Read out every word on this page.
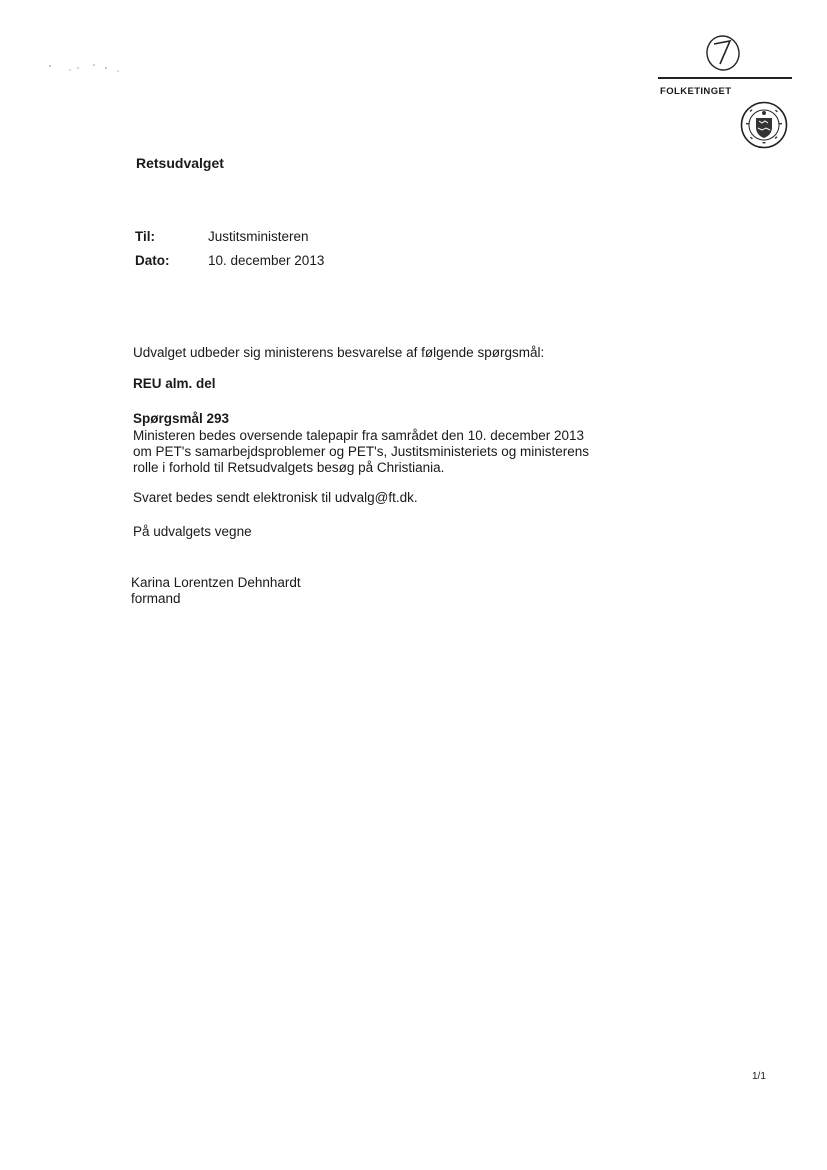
FOLKETINGET
Retsudvalget
Til:	Justitsministeren
Dato:	10. december 2013
Udvalget udbeder sig ministerens besvarelse af følgende spørgsmål:
REU alm. del
Spørgsmål 293
Ministeren bedes oversende talepapir fra samrådet den 10. december 2013
om PET's samarbejdsproblemer og PET's, Justitsministeriets og ministerens
rolle i forhold til Retsudvalgets besøg på Christiania.
Svaret bedes sendt elektronisk til udvalg@ft.dk.
På udvalgets vegne
Karina Lorentzen Dehnhardt
formand
1/1
